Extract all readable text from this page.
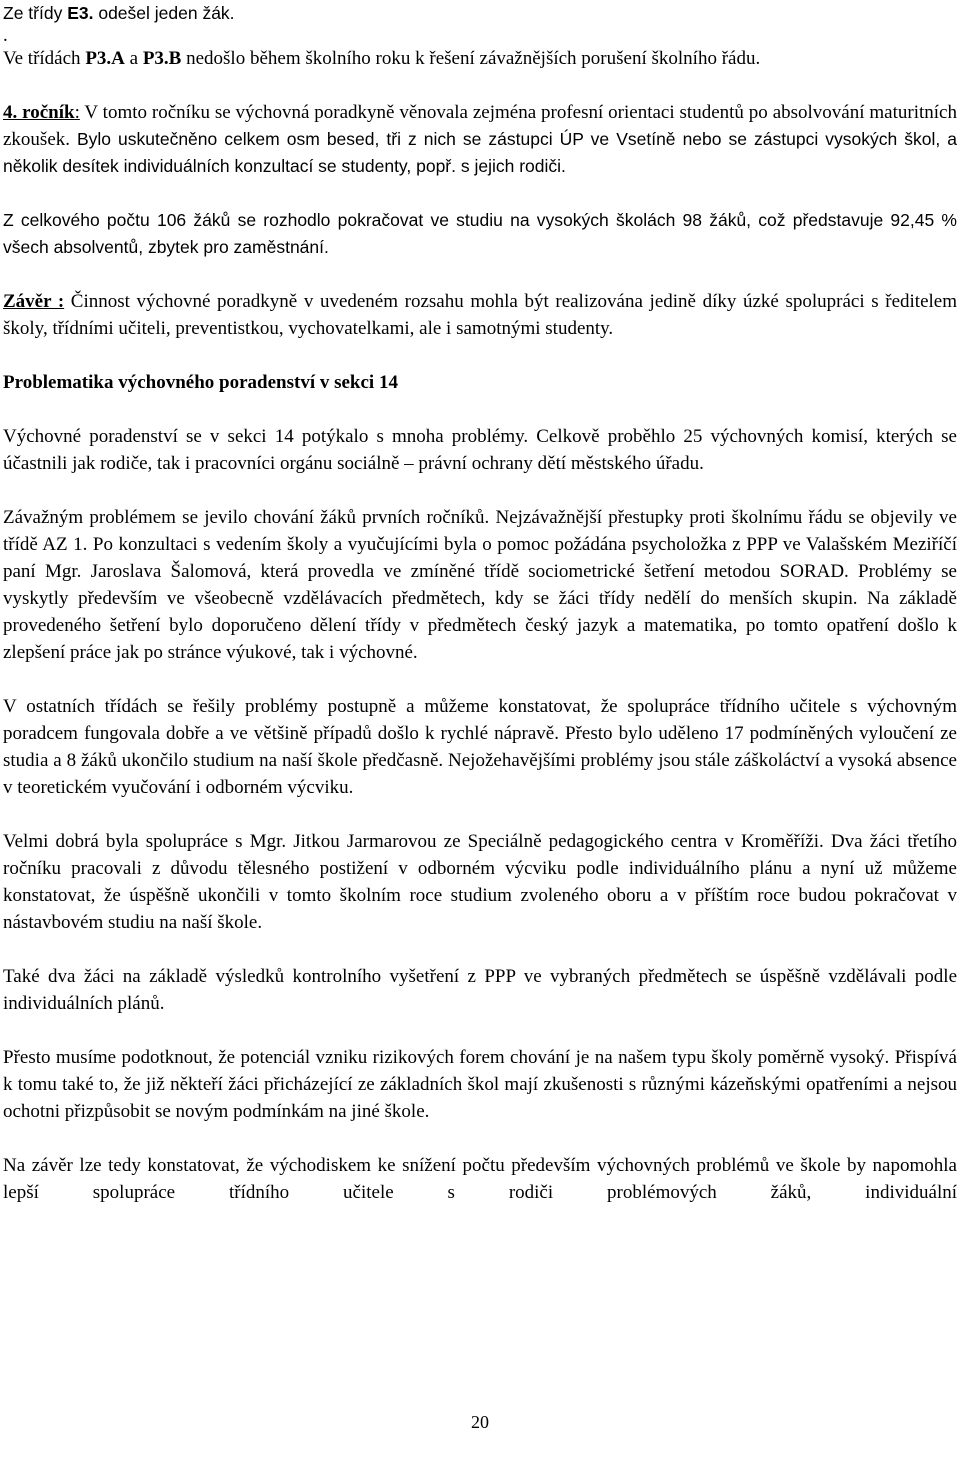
Ze třídy E3. odešel jeden žák.

.

Ve třídách P3.A a P3.B nedošlo během školního roku k řešení závažnějších porušení školního řádu.

4. ročník: V tomto ročníku se výchovná poradkyně věnovala zejména profesní orientaci studentů po absolvování maturitních zkoušek. Bylo uskutečněno celkem osm besed, tři z nich se zástupci ÚP ve Vsetíně nebo se zástupci vysokých škol, a několik desítek individuálních konzultací se studenty, popř. s jejich rodiči.

Z celkového počtu 106 žáků se rozhodlo pokračovat ve studiu na vysokých školách 98 žáků, což představuje 92,45 % všech absolventů, zbytek pro zaměstnání.

Závěr : Činnost výchovné poradkyně v uvedeném rozsahu mohla být realizována jedině díky úzké spolupráci s ředitelem školy, třídními učiteli, preventistkou, vychovatelkami, ale i samotnými studenty.

Problematika výchovného poradenství v sekci 14

Výchovné poradenství se v sekci 14 potýkalo s mnoha problémy. Celkově proběhlo 25 výchovných komisí, kterých se účastnili jak rodiče, tak i pracovníci orgánu sociálně – právní ochrany dětí městského úřadu.

Závažným problémem se jevilo chování žáků prvních ročníků. Nejzávažnější přestupky proti školnímu řádu se objevily ve třídě AZ 1. Po konzultaci s vedením školy a vyučujícími byla o pomoc požádána psycholožka z PPP ve Valašském Meziříčí paní Mgr. Jaroslava Šalomová, která provedla ve zmíněné třídě sociometrické šetření metodou SORAD. Problémy se vyskytly především ve všeobecně vzdělávacích předmětech, kdy se žáci třídy nedělí do menších skupin. Na základě provedeného šetření bylo doporučeno dělení třídy v předmětech český jazyk a matematika, po tomto opatření došlo k zlepšení práce jak po stránce výukové, tak i výchovné.

V ostatních třídách se řešily problémy postupně a můžeme konstatovat, že spolupráce třídního učitele s výchovným poradcem fungovala dobře a ve většině případů došlo k rychlé nápravě. Přesto bylo uděleno 17 podmíněných vyloučení ze studia a 8 žáků ukončilo studium na naší škole předčasně. Nejožehavějšími problémy jsou stále záškoláctví a vysoká absence v teoretickém vyučování i odborném výcviku.

Velmi dobrá byla spolupráce s Mgr. Jitkou Jarmarovou ze Speciálně pedagogického centra v Kroměříži. Dva žáci třetího ročníku pracovali z důvodu tělesného postižení v odborném výcviku podle individuálního plánu a nyní už můžeme konstatovat, že úspěšně ukončili v tomto školním roce studium zvoleného oboru a v příštím roce budou pokračovat v nástavbovém studiu na naší škole.

Také dva žáci na základě výsledků kontrolního vyšetření z PPP ve vybraných předmětech se úspěšně vzdělávali podle individuálních plánů.

Přesto musíme podotknout, že potenciál vzniku rizikových forem chování je na našem typu školy poměrně vysoký. Přispívá k tomu také to, že již někteří žáci přicházející ze základních škol mají zkušenosti s různými kázeňskými opatřeními a nejsou ochotni přizpůsobit se novým podmínkám na jiné škole.

Na závěr lze tedy konstatovat, že východiskem ke snížení počtu především výchovných problémů ve škole by napomohla lepší spolupráce třídního učitele s rodiči problémových žáků, individuální

20
